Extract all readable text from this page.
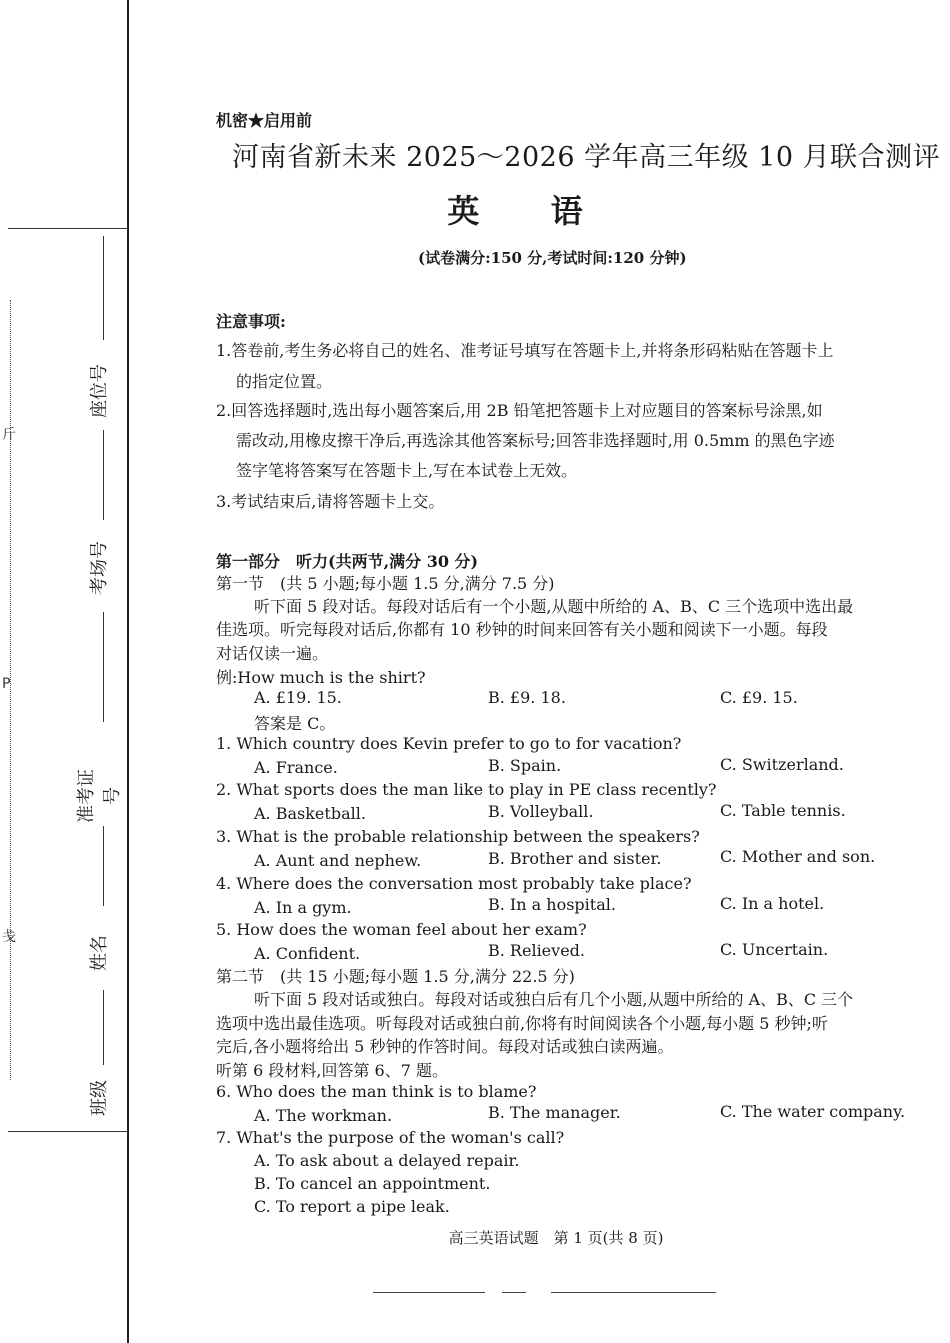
斤
P
戋
座位号
考场号
准考证号
姓名
班级
机密★启用前
河南省新未来 2025～2026 学年高三年级 10 月联合测评
英 语
(试卷满分:150 分,考试时间:120 分钟)
注意事项:
1.答卷前,考生务必将自己的姓名、准考证号填写在答题卡上,并将条形码粘贴在答题卡上
的指定位置。
2.回答选择题时,选出每小题答案后,用 2B 铅笔把答题卡上对应题目的答案标号涂黑,如
需改动,用橡皮擦干净后,再选涂其他答案标号;回答非选择题时,用 0.5mm 的黑色字迹
签字笔将答案写在答题卡上,写在本试卷上无效。
3.考试结束后,请将答题卡上交。
第一部分　听力(共两节,满分 30 分)
第一节　(共 5 小题;每小题 1.5 分,满分 7.5 分)
听下面 5 段对话。每段对话后有一个小题,从题中所给的 A、B、C 三个选项中选出最
佳选项。听完每段对话后,你都有 10 秒钟的时间来回答有关小题和阅读下一小题。每段
对话仅读一遍。
例:How much is the shirt?
A. £19. 15.	B. £9. 18.	C. £9. 15.
答案是 C。
1. Which country does Kevin prefer to go to for vacation?
A. France.	B. Spain.	C. Switzerland.
2. What sports does the man like to play in PE class recently?
A. Basketball.	B. Volleyball.	C. Table tennis.
3. What is the probable relationship between the speakers?
A. Aunt and nephew.	B. Brother and sister.	C. Mother and son.
4. Where does the conversation most probably take place?
A. In a gym.	B. In a hospital.	C. In a hotel.
5. How does the woman feel about her exam?
A. Confident.	B. Relieved.	C. Uncertain.
第二节　(共 15 小题;每小题 1.5 分,满分 22.5 分)
听下面 5 段对话或独白。每段对话或独白后有几个小题,从题中所给的 A、B、C 三个
选项中选出最佳选项。听每段对话或独白前,你将有时间阅读各个小题,每小题 5 秒钟;听
完后,各小题将给出 5 秒钟的作答时间。每段对话或独白读两遍。
听第 6 段材料,回答第 6、7 题。
6. Who does the man think is to blame?
A. The workman.	B. The manager.	C. The water company.
7. What's the purpose of the woman's call?
A. To ask about a delayed repair.
B. To cancel an appointment.
C. To report a pipe leak.
高三英语试题　第 1 页(共 8 页)
